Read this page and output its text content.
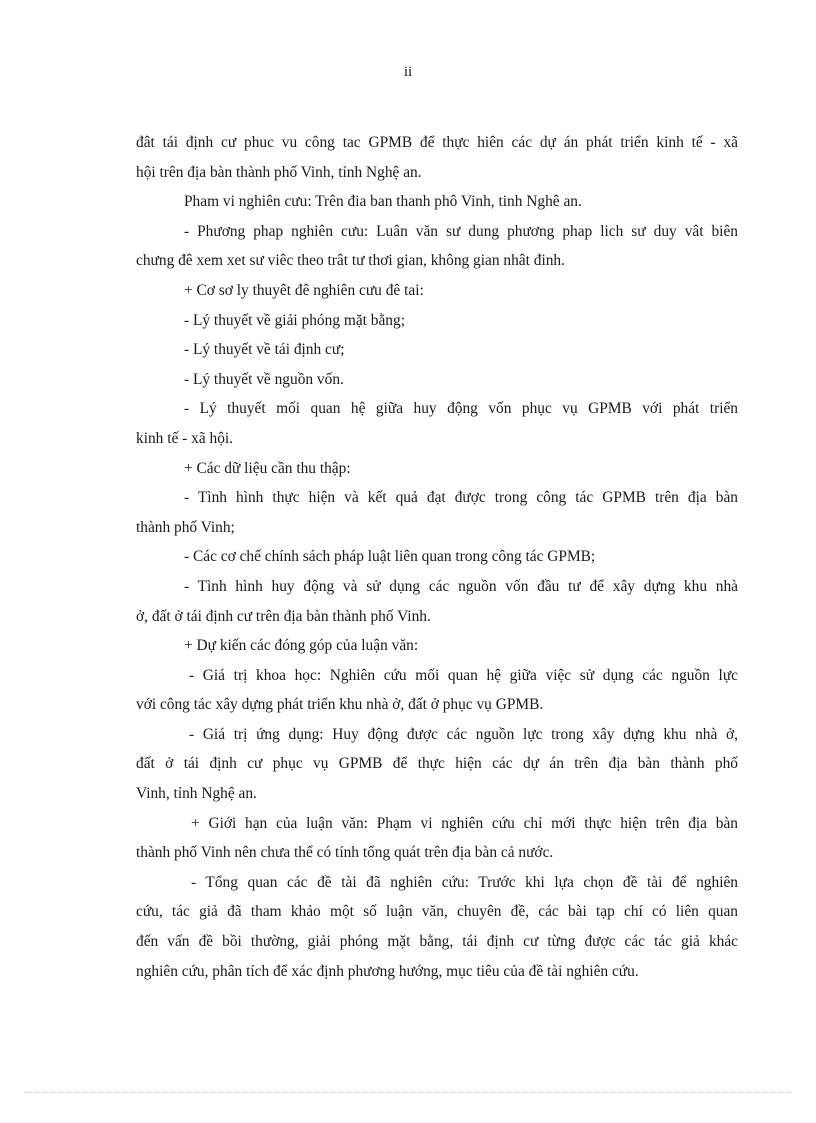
ii
đât tái định cư phuc vu công tac GPMB để thực hiên các dự án phát triển kinh tế - xã
hội trên địa bàn thành phố Vinh, tỉnh Nghệ an.
Pham vi nghiên cưu: Trên đia ban thanh phô Vinh, tinh Nghê an.
- Phương phap nghiên cưu: Luân văn sư dung phương phap lich sư duy vât biên
chưng đê xem xet sư viêc theo trât tư thơi gian, không gian nhât đinh.
+ Cơ sơ ly thuyêt đê nghiên cưu đê tai:
- Lý thuyết về giải phóng mặt bằng;
- Lý thuyết về tái định cư;
- Lý thuyết về nguồn vốn.
- Lý thuyết mối quan hệ giữa huy động vốn phục vụ GPMB với phát triển
kinh tế - xã hội.
+ Các dữ liệu cần thu thập:
- Tình hình thực hiện và kết quả đạt được trong công tác GPMB trên địa bàn
thành phố Vinh;
- Các cơ chế chính sách pháp luật liên quan trong công tác GPMB;
- Tình hình huy động và sử dụng các nguồn vốn đầu tư để xây dựng khu nhà
ở, đất ở tái định cư trên địa bàn thành phố Vinh.
+ Dự kiến các đóng góp của luận văn:
- Giá trị khoa học: Nghiên cứu mối quan hệ giữa việc sử dụng các nguồn lực
với công tác xây dựng phát triển khu nhà ở, đất ở phục vụ GPMB.
- Giá trị ứng dụng: Huy động được các nguồn lực trong xây dựng khu nhà ở,
đất ở tái định cư phục vụ GPMB để thực hiện các dự án trên địa bàn thành phố
Vinh, tỉnh Nghệ an.
+ Giới hạn của luận văn: Phạm vi nghiên cứu chỉ mới thực hiện trên địa bàn
thành phố Vinh nên chưa thể có tính tổng quát trên địa bàn cả nước.
- Tổng quan các đề tài đã nghiên cứu: Trước khi lựa chọn đề tài để nghiên
cứu, tác giả đã tham khảo một số luận văn, chuyên đề, các bài tạp chí có liên quan
đến vấn đề bồi thường, giải phóng mặt bằng, tái định cư từng được các tác giả khác
nghiên cứu, phân tích để xác định phương hướng, mục tiêu của đề tài nghiên cứu.
